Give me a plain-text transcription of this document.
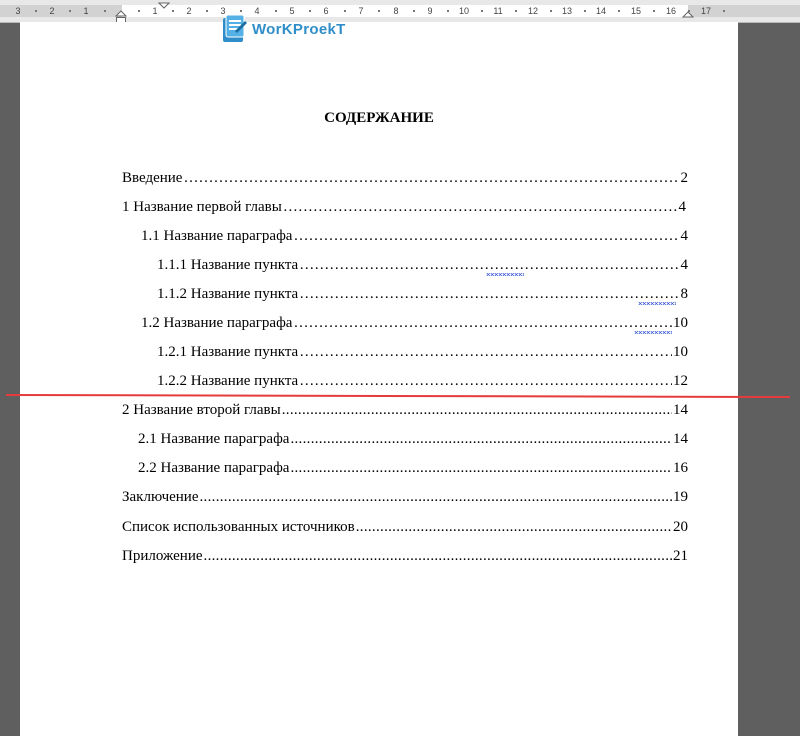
3	2	1	1	2	3	4	5	6	7	8	9	10	11	12	13	14	15	16	17
СОДЕРЖАНИЕ
Введение …………………………………………………………………………………………………………………………………………	2
1 Название первой главы …………………………………………………………………………………………………………………………………………	4
1.1 Название параграфа …………………………………………………………………………………………………………………………………………	4
1.1.1 Название пункта …………………………………………………………………………………………………………………………………………	4
1.1.2 Название пункта …………………………………………………………………………………………………………………………………………	8
1.2 Название параграфа …………………………………………………………………………………………………………………………………………	10
1.2.1 Название пункта …………………………………………………………………………………………………………………………………………	10
1.2.2 Название пункта …………………………………………………………………………………………………………………………………………	12
2 Название второй главы .....	14
2.1 Название параграфа .....	14
2.2 Название параграфа .....	16
Заключение .....	19
Список использованных источников .....	20
Приложение .....	21
WorKProekT
